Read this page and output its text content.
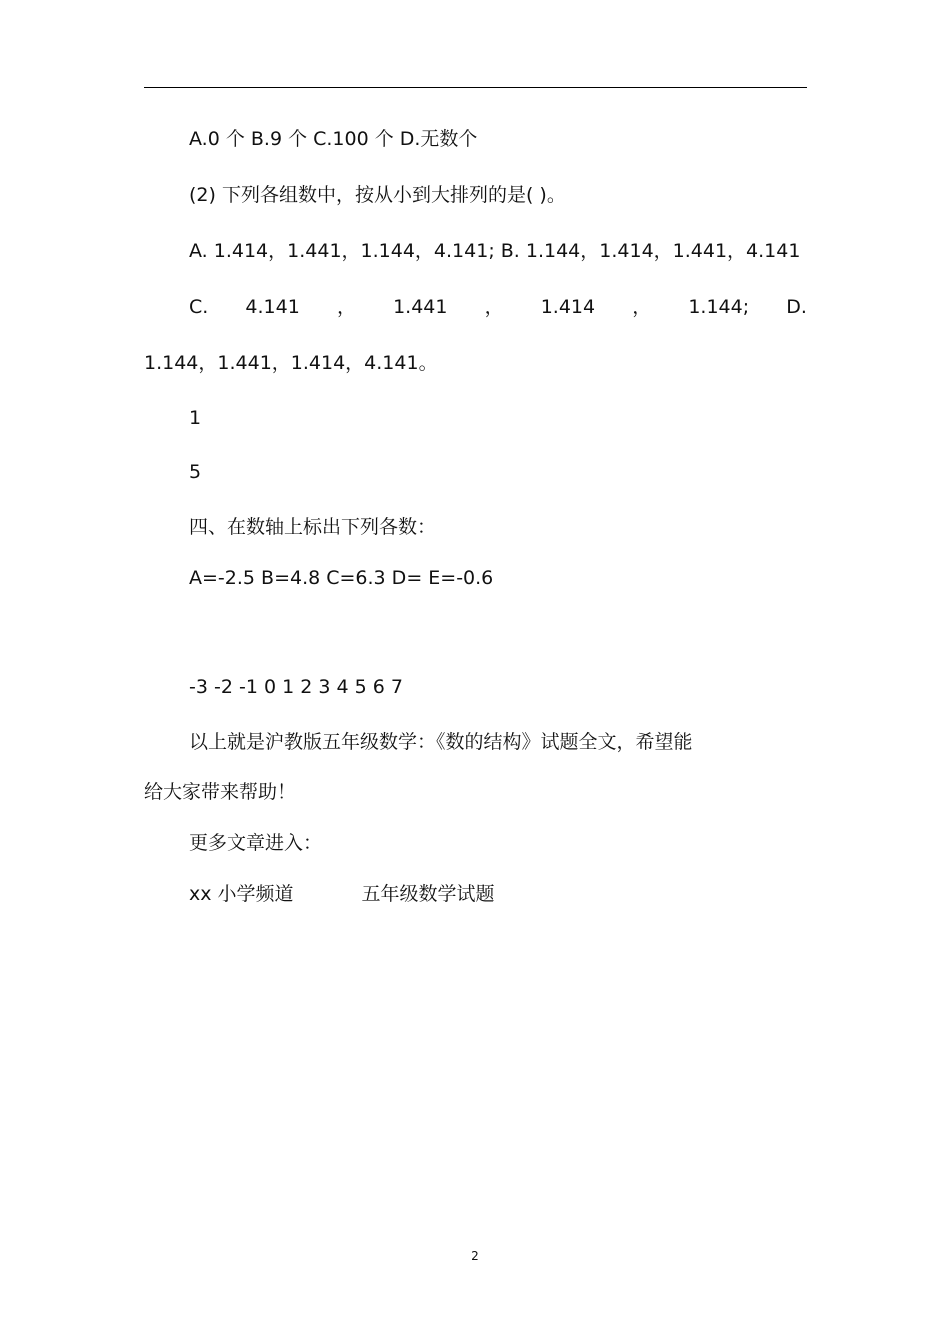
A.0 个 B.9 个 C.100 个 D.无数个
(2) 下列各组数中，按从小到大排列的是( )。
A. 1.414，1.441，1.144，4.141; B. 1.144，1.414，1.441，4.141
C. 4.141 ， 1.441 ， 1.414 ， 1.144; D.
1.144，1.441，1.414，4.141。
1
5
四、在数轴上标出下列各数：
A=-2.5 B=4.8 C=6.3 D= E=-0.6
-3 -2 -1 0 1 2 3 4 5 6 7
以上就是沪教版五年级数学：《数的结构》试题全文，希望能
给大家带来帮助！
更多文章进入：
xx 小学频道	五年级数学试题
2
